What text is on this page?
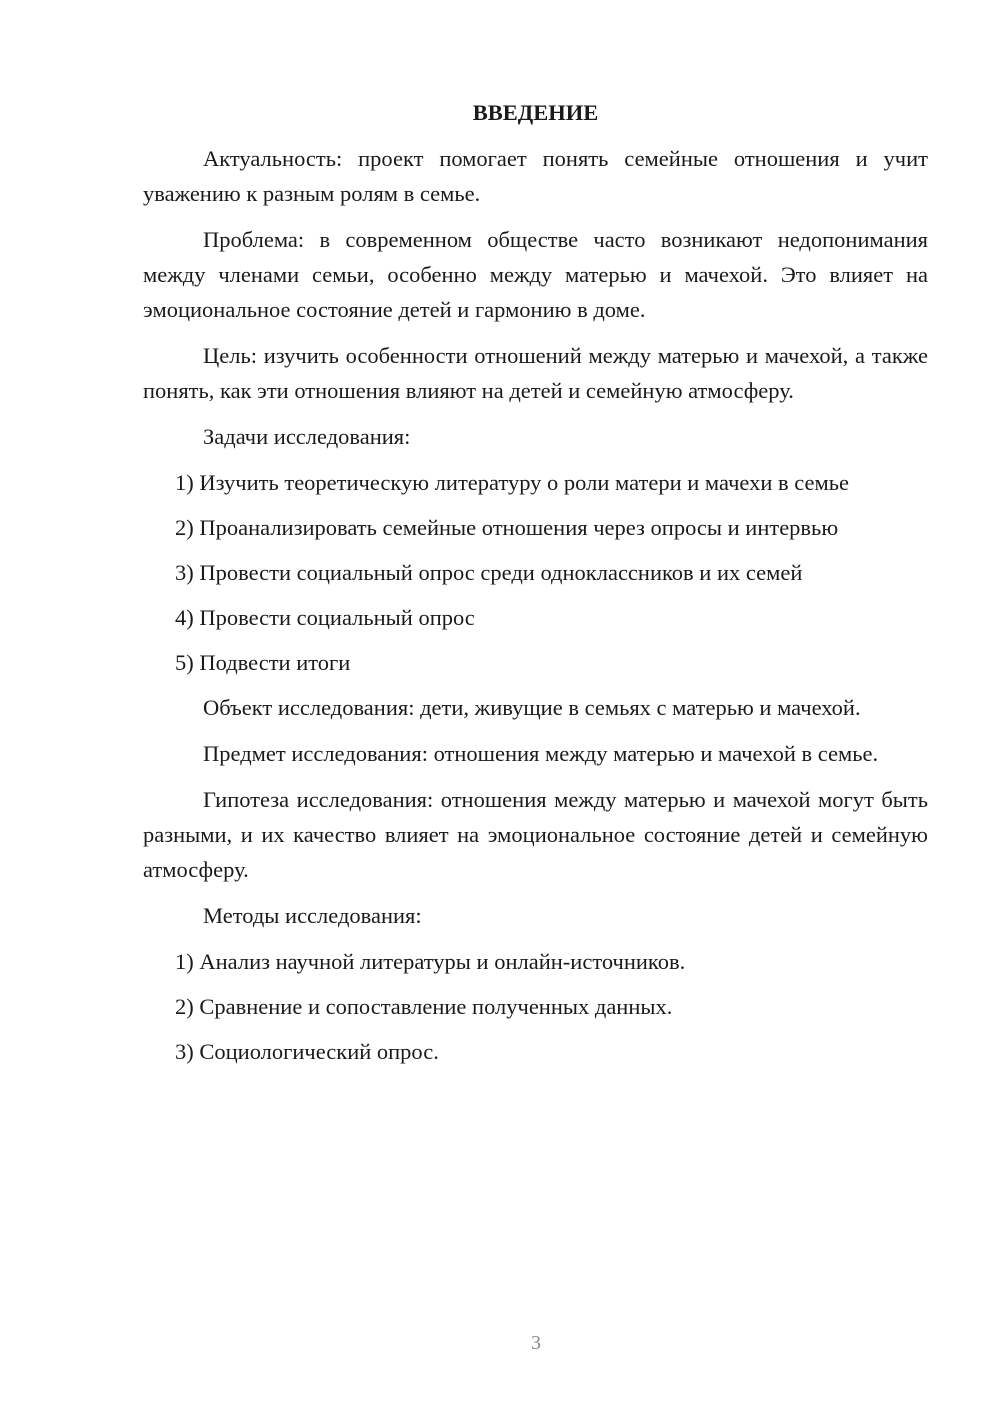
ВВЕДЕНИЕ

Актуальность: проект помогает понять семейные отношения и учит уважению к разным ролям в семье.

Проблема: в современном обществе часто возникают недопонимания между членами семьи, особенно между матерью и мачехой. Это влияет на эмоциональное состояние детей и гармонию в доме.

Цель: изучить особенности отношений между матерью и мачехой, а также понять, как эти отношения влияют на детей и семейную атмосферу.

Задачи исследования:

1) Изучить теоретическую литературу о роли матери и мачехи в семье
2) Проанализировать семейные отношения через опросы и интервью
3) Провести социальный опрос среди одноклассников и их семей
4) Провести социальный опрос
5) Подвести итоги

Объект исследования: дети, живущие в семьях с матерью и мачехой.

Предмет исследования: отношения между матерью и мачехой в семье.

Гипотеза исследования: отношения между матерью и мачехой могут быть разными, и их качество влияет на эмоциональное состояние детей и семейную атмосферу.

Методы исследования:

1) Анализ научной литературы и онлайн-источников.
2) Сравнение и сопоставление полученных данных.
3) Социологический опрос.
3
